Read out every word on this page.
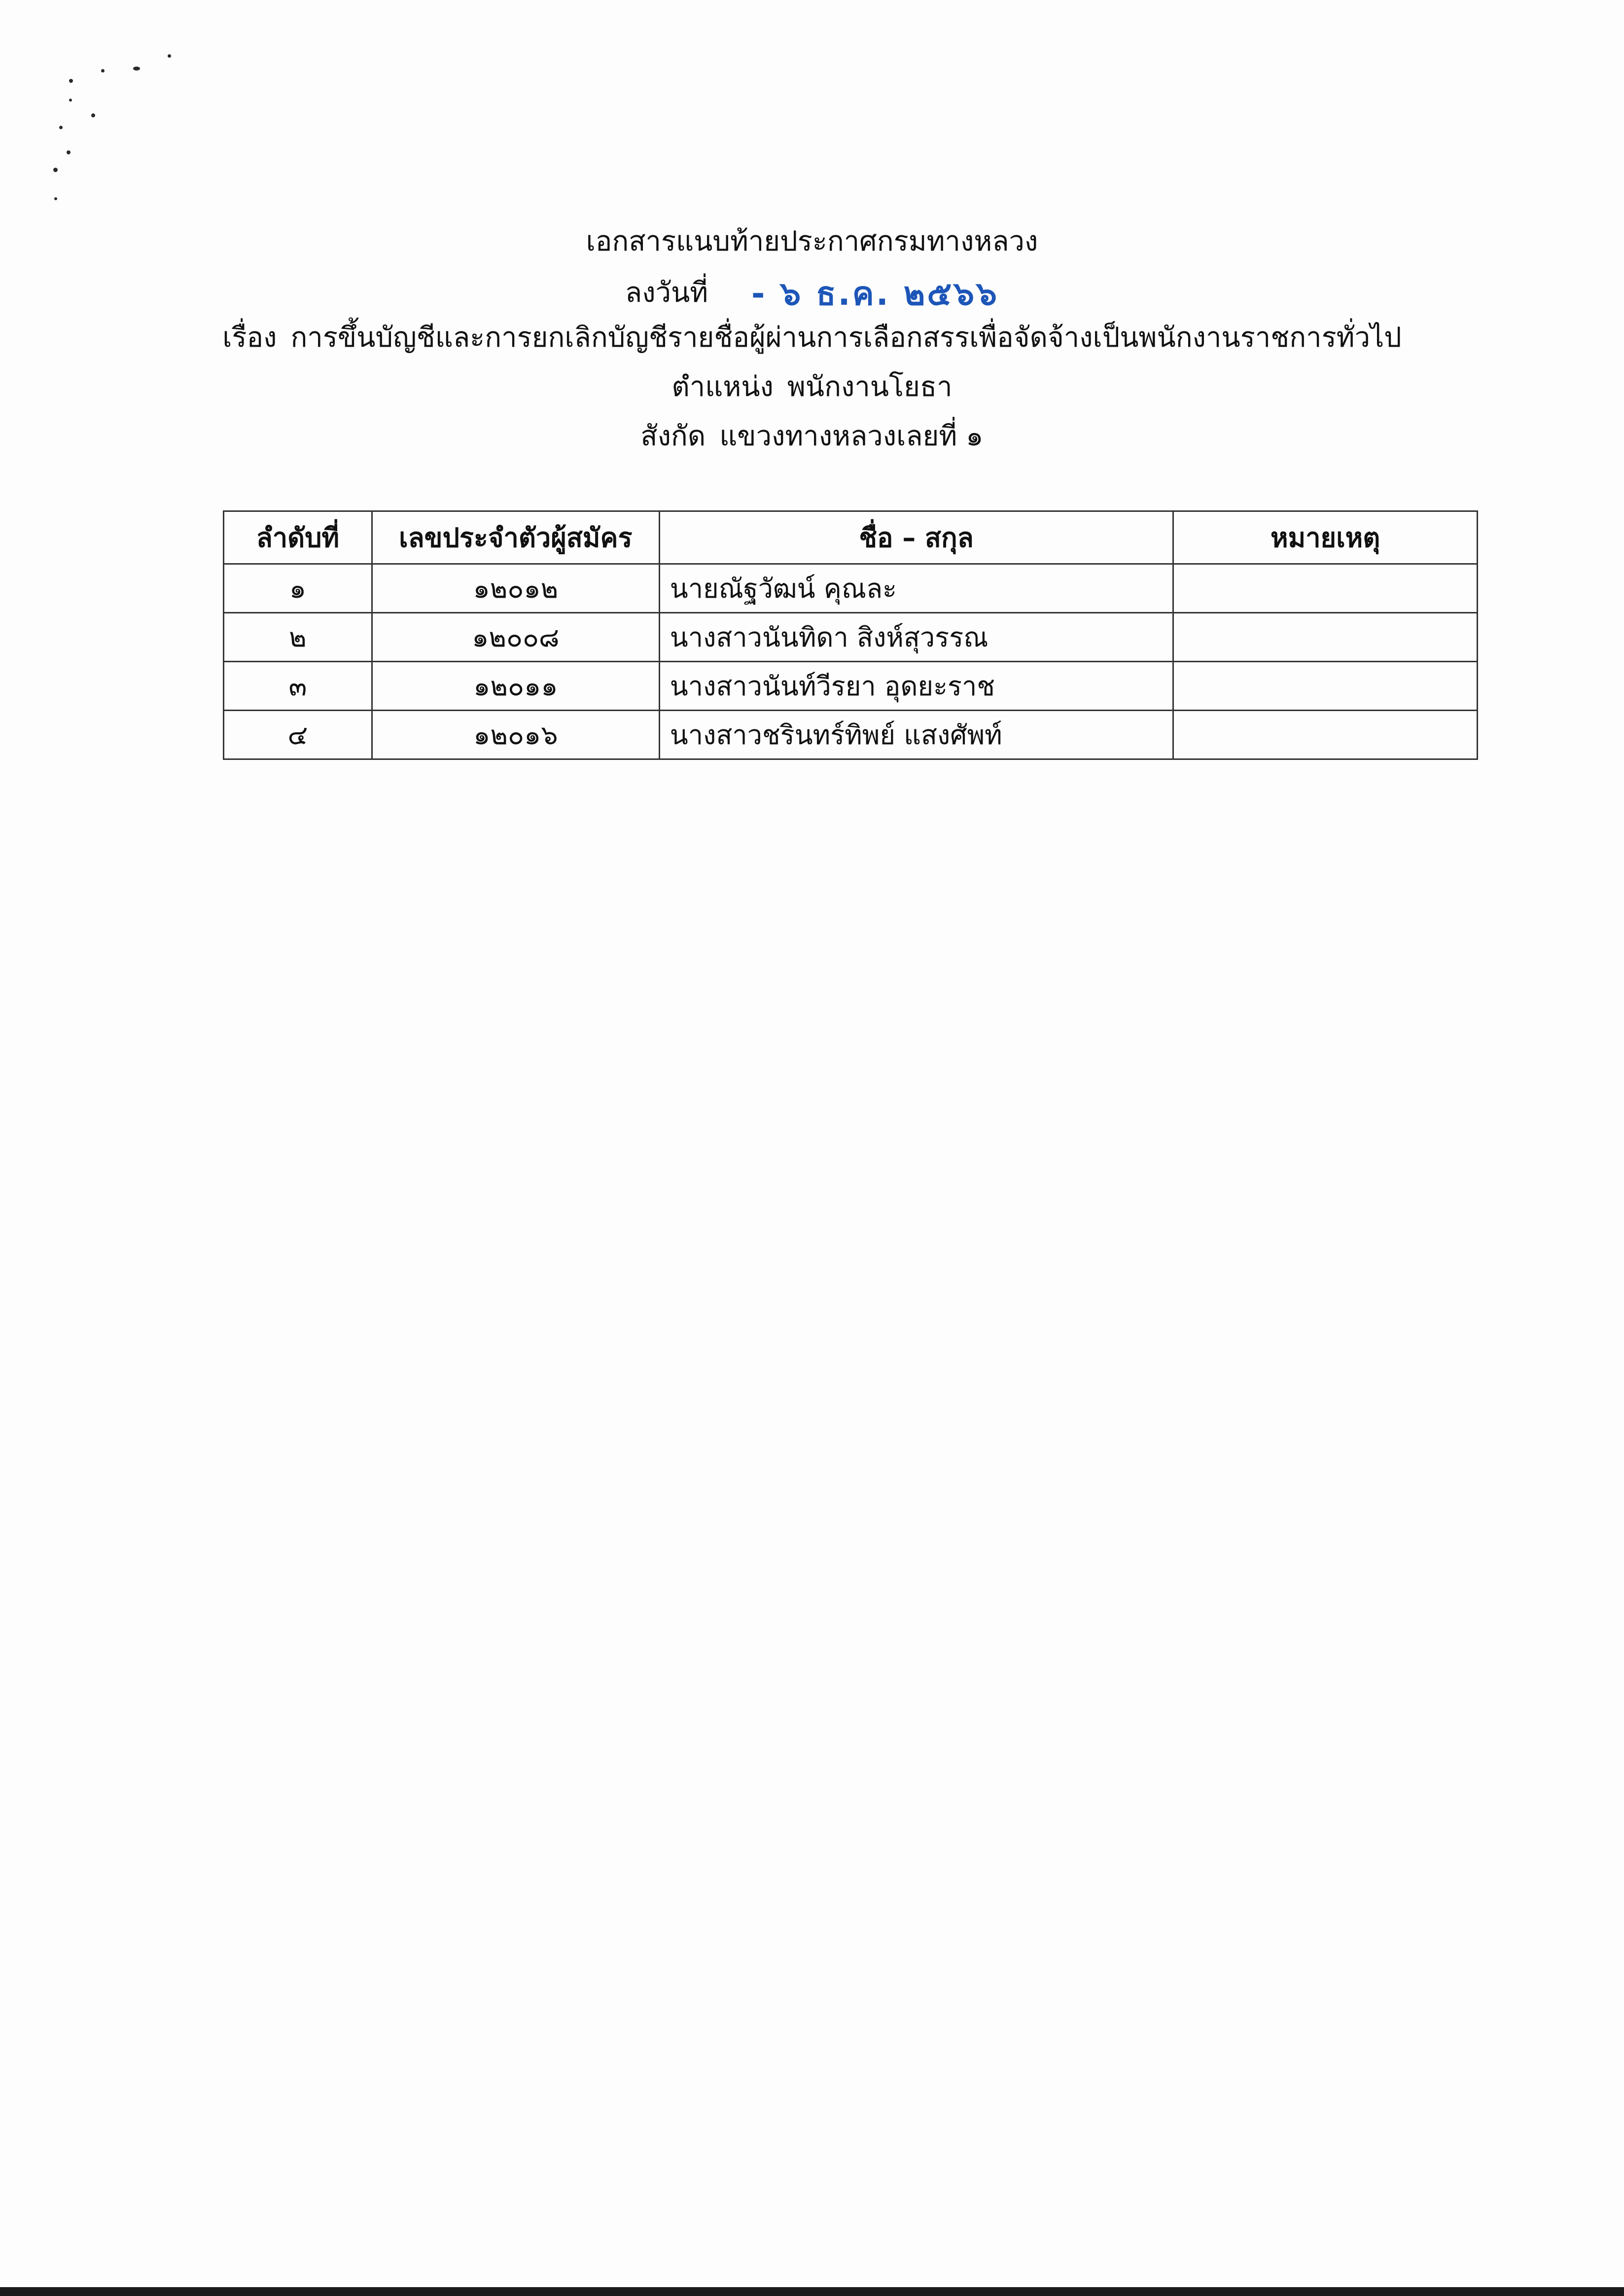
เอกสารแนบท้ายประกาศกรมทางหลวง
ลงวันที่ - ๖ ธ.ค. ๒๕๖๖
เรื่อง การขึ้นบัญชีและการยกเลิกบัญชีรายชื่อผู้ผ่านการเลือกสรรเพื่อจัดจ้างเป็นพนักงานราชการทั่วไป
ตำแหน่ง พนักงานโยธา
สังกัด แขวงทางหลวงเลยที่ ๑
ลำดับที่	เลขประจำตัวผู้สมัคร	ชื่อ – สกุล	หมายเหตุ
๑	๑๒๐๑๒	นายณัฐวัฒน์ คุณละ	
๒	๑๒๐๐๘	นางสาวนันทิดา สิงห์สุวรรณ	
๓	๑๒๐๑๑	นางสาวนันท์วีรยา อุดยะราช	
๔	๑๒๐๑๖	นางสาวชรินทร์ทิพย์ แสงศัพท์	
